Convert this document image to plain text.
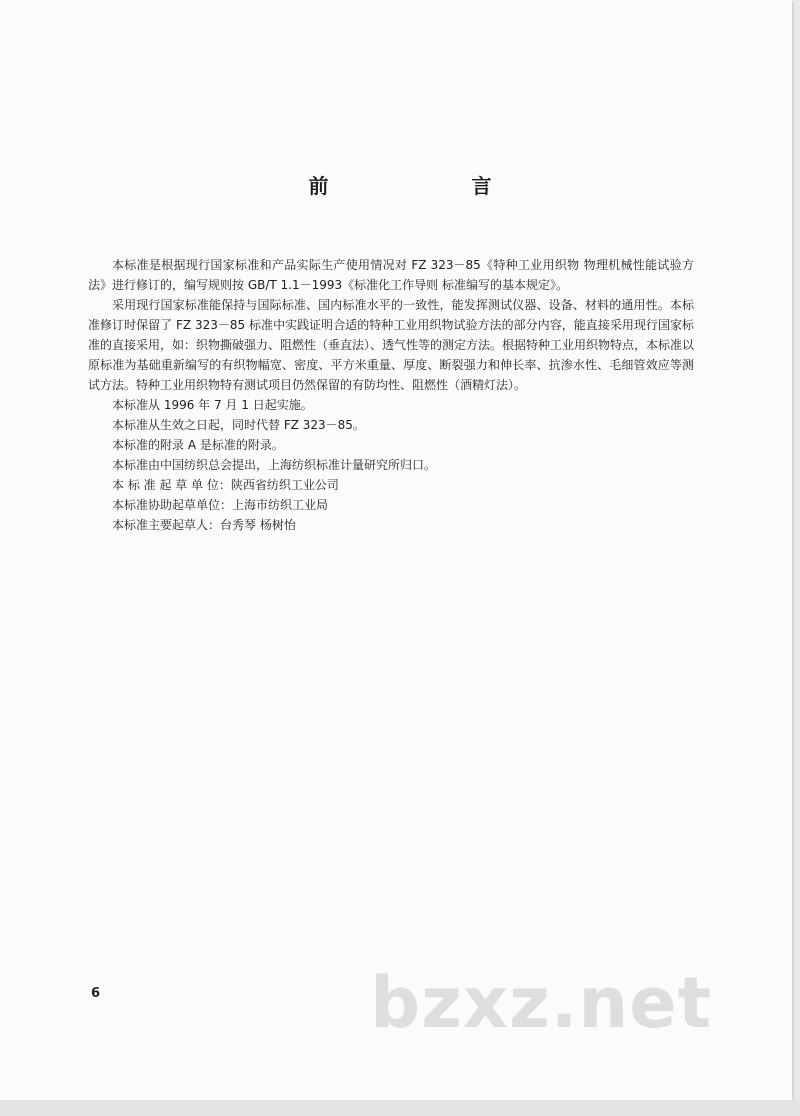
前 言

本标准是根据现行国家标准和产品实际生产使用情况对 FZ 323－85《特种工业用织物 物理机械性能试验方法》进行修订的，编写规则按 GB/T 1.1－1993《标准化工作导则 标准编写的基本规定》。

采用现行国家标准能保持与国际标准、国内标准水平的一致性，能发挥测试仪器、设备、材料的通用性。本标准修订时保留了 FZ 323－85 标准中实践证明合适的特种工业用织物试验方法的部分内容，能直接采用现行国家标准的直接采用，如：织物撕破强力、阻燃性（垂直法）、透气性等的测定方法。根据特种工业用织物特点，本标准以原标准为基础重新编写的有织物幅宽、密度、平方米重量、厚度、断裂强力和伸长率、抗渗水性、毛细管效应等测试方法。特种工业用织物特有测试项目仍然保留的有防均性、阻燃性（酒精灯法）。

本标准从 1996 年 7 月 1 日起实施。

本标准从生效之日起，同时代替 FZ 323－85。

本标准的附录 A 是标准的附录。

本标准由中国纺织总会提出，上海纺织标准计量研究所归口。

本 标 准 起 草 单 位：陕西省纺织工业公司

本标准协助起草单位：上海市纺织工业局

本标准主要起草人：台秀琴 杨树怡

6	bzxz.net
